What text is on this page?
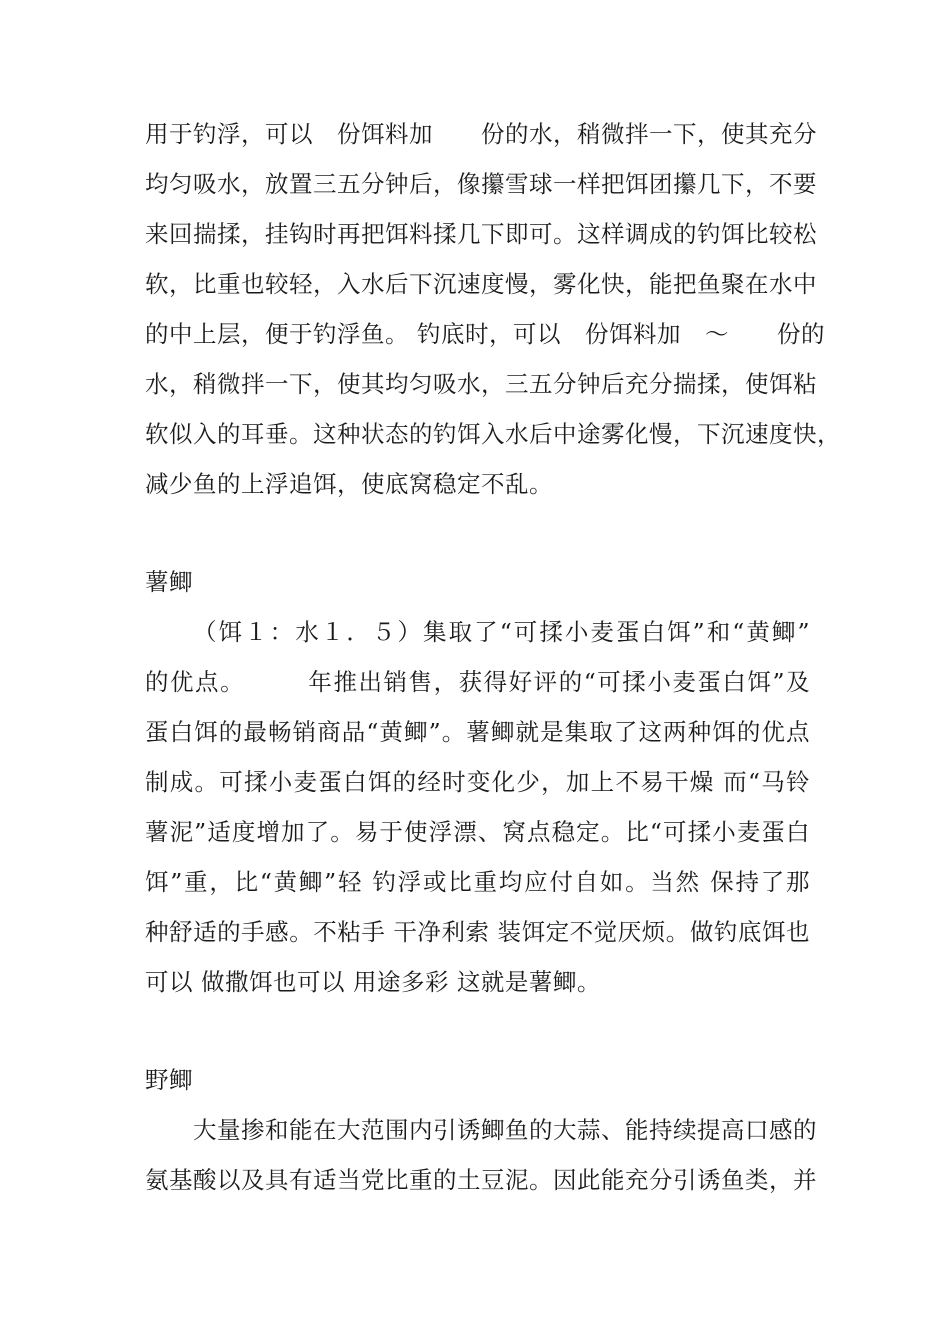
用于钓浮，可以　份饵料加　　份的水，稍微拌一下，使其充分
均匀吸水，放置三五分钟后，像攥雪球一样把饵团攥几下，不要
来回揣揉，挂钩时再把饵料揉几下即可。这样调成的钓饵比较松
软，比重也较轻，入水后下沉速度慢，雾化快，能把鱼聚在水中
的中上层，便于钓浮鱼。 钓底时，可以　份饵料加　～　　份的
水，稍微拌一下，使其均匀吸水，三五分钟后充分揣揉，使饵粘
软似入的耳垂。这种状态的钓饵入水后中途雾化慢，下沉速度快，
减少鱼的上浮追饵，使底窝稳定不乱。
薯鲫
（饵１：水１．５）集取了“可揉小麦蛋白饵”和“黄鲫”
的优点。　　　年推出销售，获得好评的“可揉小麦蛋白饵”及
蛋白饵的最畅销商品“黄鲫”。薯鲫就是集取了这两种饵的优点
制成。可揉小麦蛋白饵的经时变化少，加上不易干燥 而“马铃
薯泥”适度增加了。易于使浮漂、窝点稳定。比“可揉小麦蛋白
饵”重，比“黄鲫”轻 钓浮或比重均应付自如。当然 保持了那
种舒适的手感。不粘手 干净利索 装饵定不觉厌烦。做钓底饵也
可以 做撒饵也可以 用途多彩 这就是薯鲫。
野鲫
大量掺和能在大范围内引诱鲫鱼的大蒜、能持续提高口感的
氨基酸以及具有适当党比重的土豆泥。因此能充分引诱鱼类，并
